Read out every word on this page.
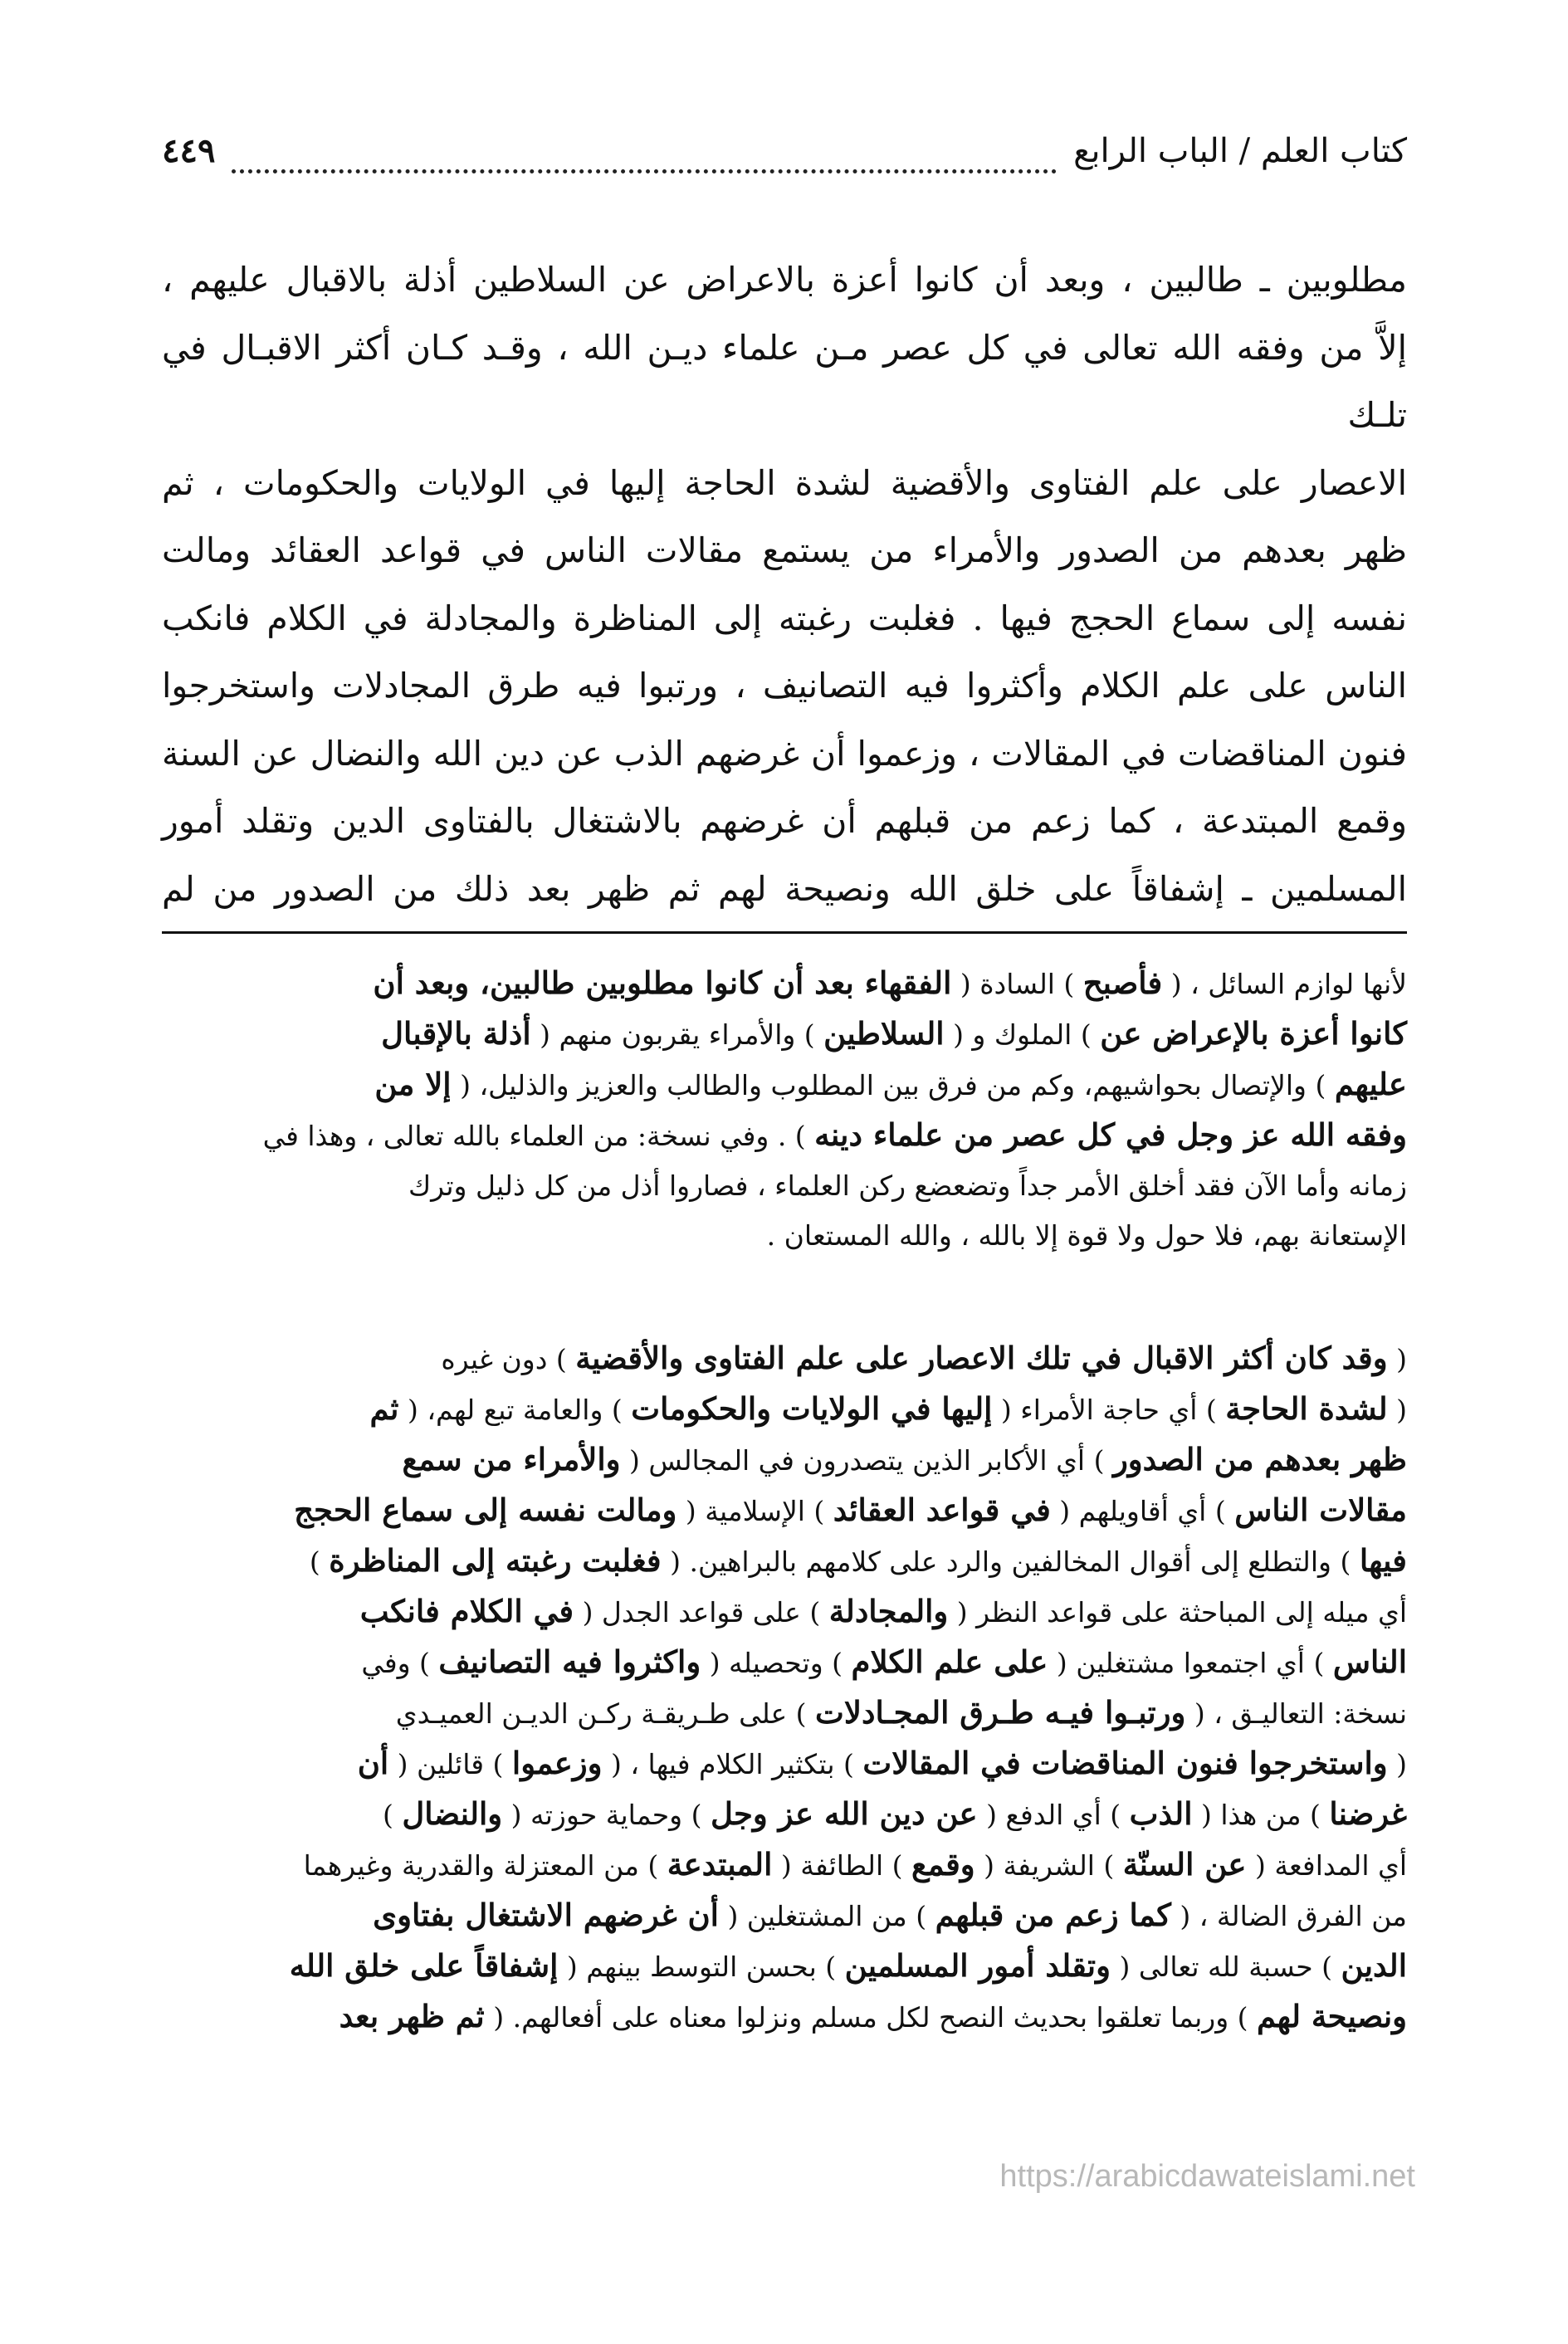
٤٤٩	كتاب العلم / الباب الرابع
مطلوبين ـ طالبين ، وبعد أن كانوا أعزة بالاعراض عن السلاطين أذلة بالاقبال عليهم ،
إلاَّ من وفقه الله تعالى في كل عصر مـن علماء ديـن الله ، وقـد كـان أكثر الاقبـال في تلـك
الاعصار على علم الفتاوى والأقضية لشدة الحاجة إليها في الولايات والحكومات ، ثم
ظهر بعدهم من الصدور والأمراء من يستمع مقالات الناس في قواعد العقائد ومالت
نفسه إلى سماع الحجج فيها . فغلبت رغبته إلى المناظرة والمجادلة في الكلام فانكب
الناس على علم الكلام وأكثروا فيه التصانيف ، ورتبوا فيه طرق المجادلات واستخرجوا
فنون المناقضات في المقالات ، وزعموا أن غرضهم الذب عن دين الله والنضال عن السنة
وقمع المبتدعة ، كما زعم من قبلهم أن غرضهم بالاشتغال بالفتاوى الدين وتقلد أمور
المسلمين ـ إشفاقاً على خلق الله ونصيحة لهم ثم ظهر بعد ذلك من الصدور من لم
لأنها لوازم السائل ، ( فأصبح ) السادة ( الفقهاء بعد أن كانوا مطلوبين طالبين، وبعد أن
كانوا أعزة بالإعراض عن ) الملوك و ( السلاطين ) والأمراء يقربون منهم ( أذلة بالإقبال
عليهم ) والإتصال بحواشيهم، وكم من فرق بين المطلوب والطالب والعزيز والذليل، ( إلا من
وفقه الله عز وجل في كل عصر من علماء دينه ) . وفي نسخة: من العلماء بالله تعالى ، وهذا في
زمانه وأما الآن فقد أخلق الأمر جداً وتضعضع ركن العلماء ، فصاروا أذل من كل ذليل وترك
الإستعانة بهم، فلا حول ولا قوة إلا بالله ، والله المستعان .
( وقد كان أكثر الاقبال في تلك الاعصار على علم الفتاوى والأقضية ) دون غيره
( لشدة الحاجة ) أي حاجة الأمراء ( إليها في الولايات والحكومات ) والعامة تبع لهم، ( ثم
ظهر بعدهم من الصدور ) أي الأكابر الذين يتصدرون في المجالس ( والأمراء من سمع
مقالات الناس ) أي أقاويلهم ( في قواعد العقائد ) الإسلامية ( ومالت نفسه إلى سماع الحجج
فيها ) والتطلع إلى أقوال المخالفين والرد على كلامهم بالبراهين. ( فغلبت رغبته إلى المناظرة )
أي ميله إلى المباحثة على قواعد النظر ( والمجادلة ) على قواعد الجدل ( في الكلام فانكب
الناس ) أي اجتمعوا مشتغلين ( على علم الكلام ) وتحصيله ( واكثروا فيه التصانيف ) وفي
نسخة: التعاليـق ، ( ورتبـوا فيـه طـرق المجـادلات ) على طـريقـة ركـن الديـن العميـدي
( واستخرجوا فنون المناقضات في المقالات ) بتكثير الكلام فيها ، ( وزعموا ) قائلين ( أن
غرضنا ) من هذا ( الذب ) أي الدفع ( عن دين الله عز وجل ) وحماية حوزته ( والنضال )
أي المدافعة ( عن السنّة ) الشريفة ( وقمع ) الطائفة ( المبتدعة ) من المعتزلة والقدرية وغيرهما
من الفرق الضالة ، ( كما زعم من قبلهم ) من المشتغلين ( أن غرضهم الاشتغال بفتاوى
الدين ) حسبة لله تعالى ( وتقلد أمور المسلمين ) بحسن التوسط بينهم ( إشفاقاً على خلق الله
ونصيحة لهم ) وربما تعلقوا بحديث النصح لكل مسلم ونزلوا معناه على أفعالهم. ( ثم ظهر بعد
https://arabicdawateislami.net
